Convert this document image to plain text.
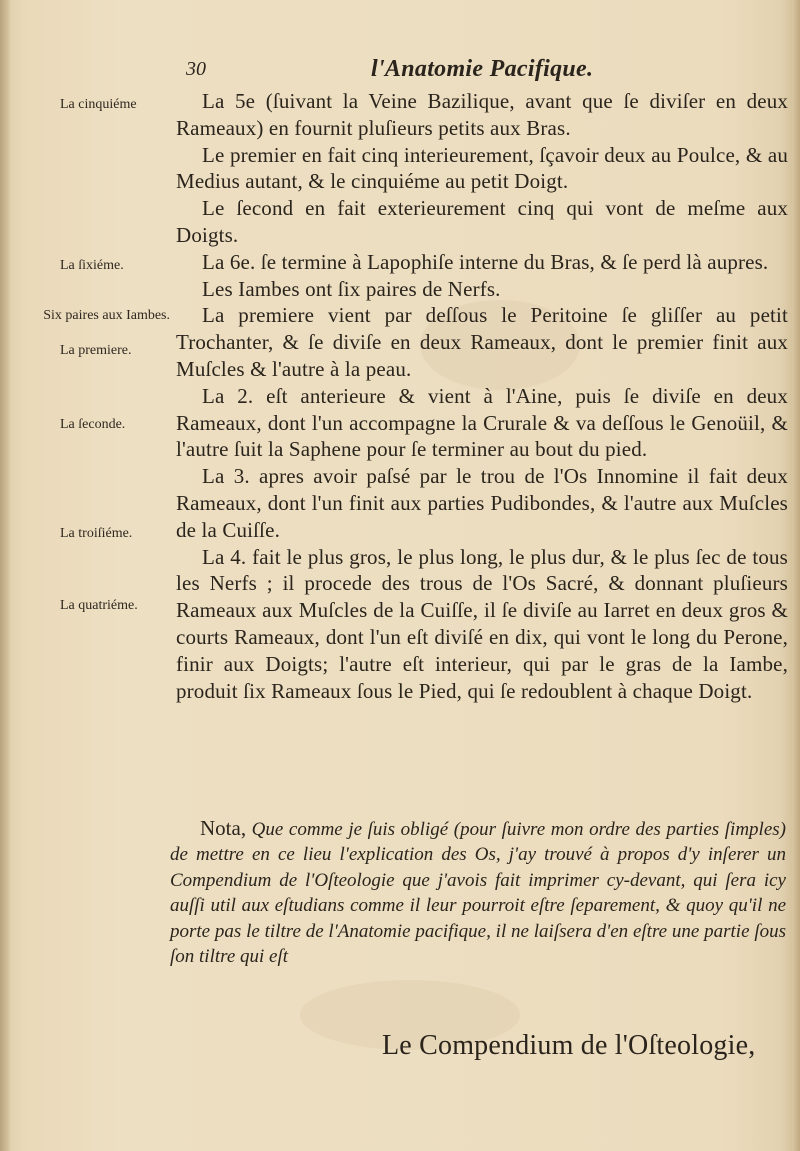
30	l'Anatomie Pacifique.
La cinquiéme
La ſixiéme.
Six paires aux Iambes.
La premiere.
La ſeconde.
La troiſiéme.
La quatriéme.

La 5e (ſuivant la Veine Bazilique, avant que ſe diviſer en deux Rameaux) en fournit pluſieurs petits aux Bras.

Le premier en fait cinq interieurement, ſçavoir deux au Poulce, & au Medius autant, & le cinquiéme au petit Doigt.

Le ſecond en fait exterieurement cinq qui vont de meſme aux Doigts.

La 6e. ſe termine à Lapophiſe interne du Bras, & ſe perd là aupres.

Les Iambes ont ſix paires de Nerfs.

La premiere vient par deſſous le Peritoine ſe gliſſer au petit Trochanter, & ſe diviſe en deux Rameaux, dont le premier finit aux Muſcles & l'autre à la peau.

La 2. eſt anterieure & vient à l'Aine, puis ſe diviſe en deux Rameaux, dont l'un accompagne la Crurale & va deſſous le Genoüil, & l'autre ſuit la Saphene pour ſe terminer au bout du pied.

La 3. apres avoir paſsé par le trou de l'Os Innomine il fait deux Rameaux, dont l'un finit aux parties Pudibondes, & l'autre aux Muſcles de la Cuiſſe.

La 4. fait le plus gros, le plus long, le plus dur, & le plus ſec de tous les Nerfs ; il procede des trous de l'Os Sacré, & donnant pluſieurs Rameaux aux Muſcles de la Cuiſſe, il ſe diviſe au Iarret en deux gros & courts Rameaux, dont l'un eſt diviſé en dix, qui vont le long du Perone, finir aux Doigts; l'autre eſt interieur, qui par le gras de la Iambe, produit ſix Rameaux ſous le Pied, qui ſe redoublent à chaque Doigt.

Nota, Que comme je ſuis obligé (pour ſuivre mon ordre des parties ſimples) de mettre en ce lieu l'explication des Os, j'ay trouvé à propos d'y inſerer un Compendium de l'Oſteologie que j'avois fait imprimer cy-devant, qui ſera icy auſſi util aux eſtudians comme il leur pourroit eſtre ſeparement, & quoy qu'il ne porte pas le tiltre de l'Anatomie pacifique, il ne laiſsera d'en eſtre une partie ſous ſon tiltre qui eſt

Le Compendium de l'Oſteologie,
